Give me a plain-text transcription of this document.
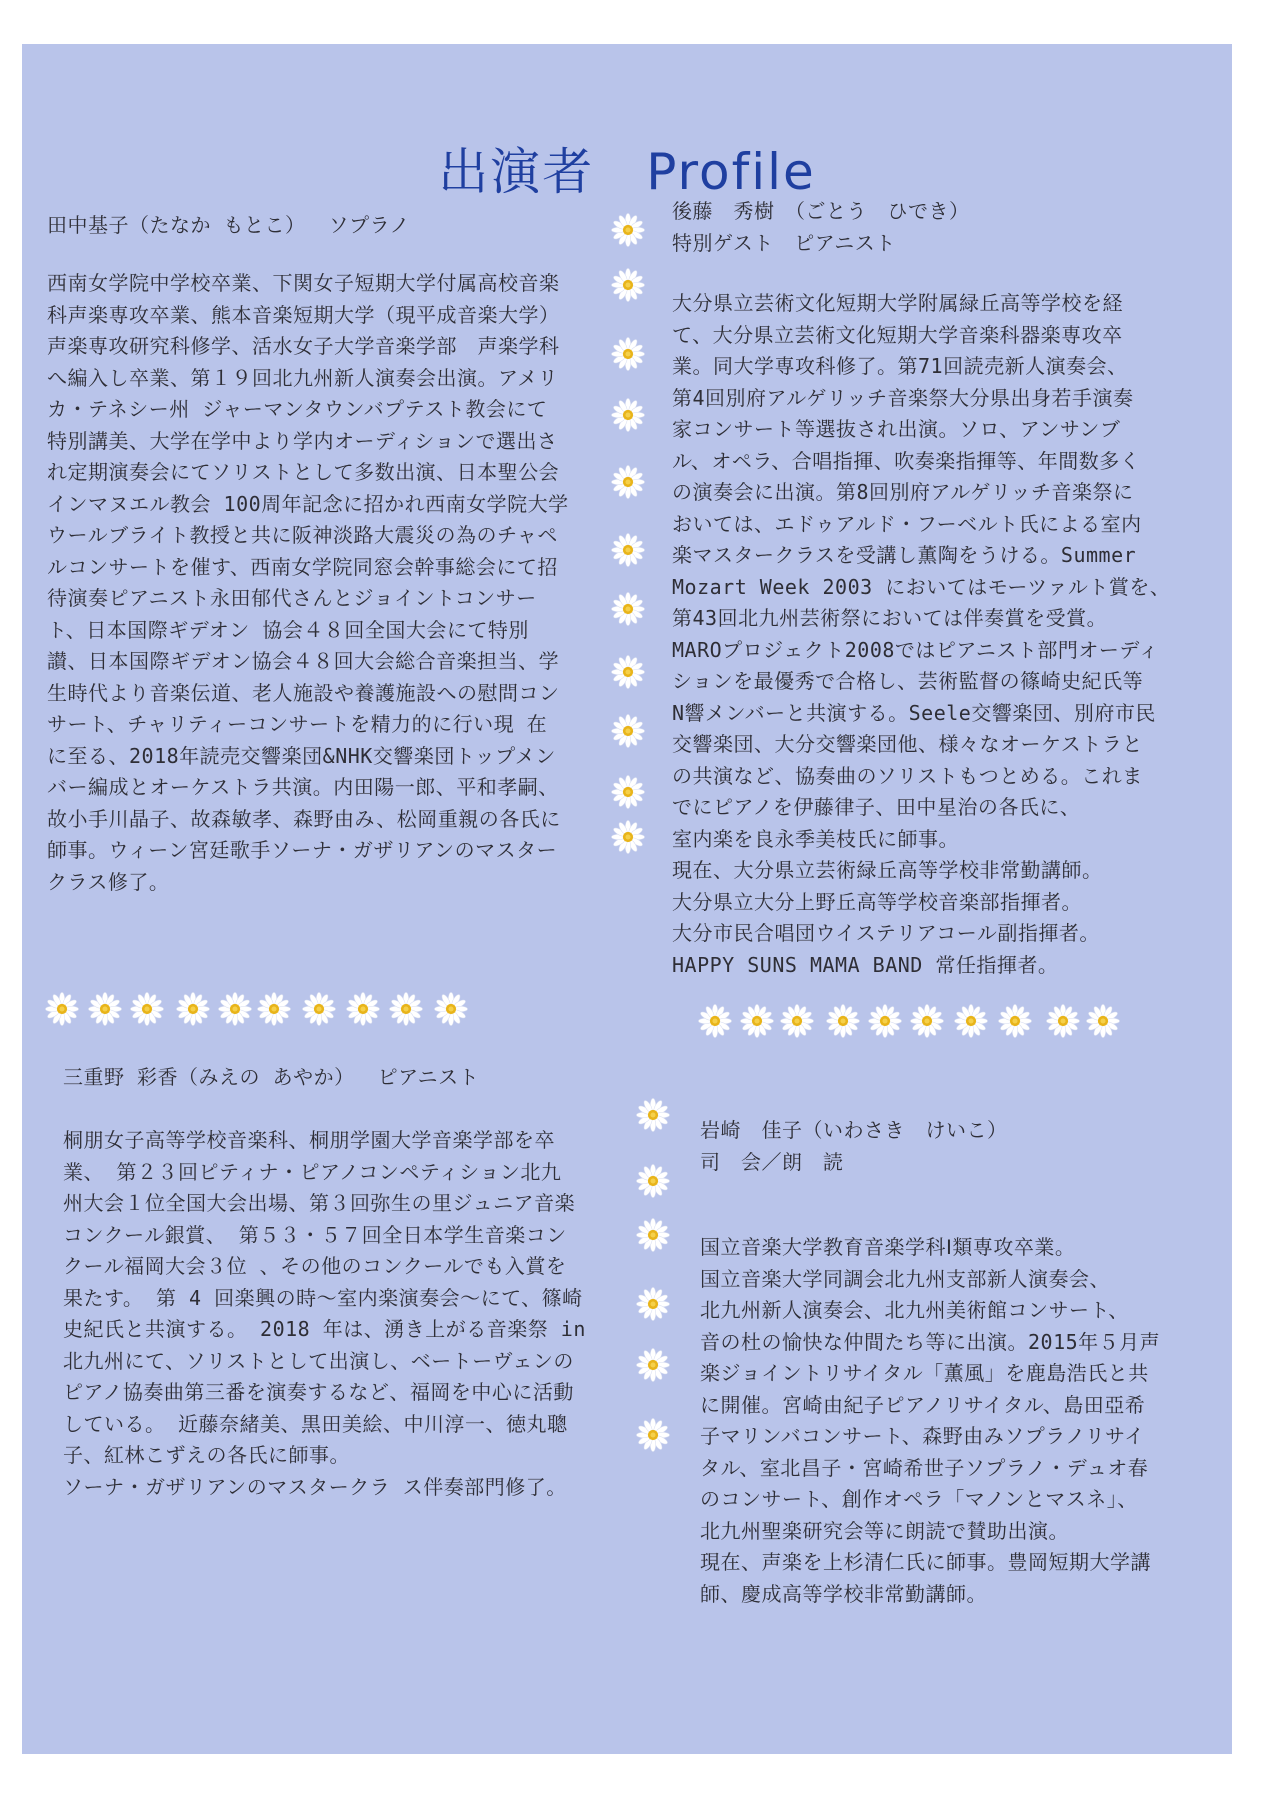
出演者　Profile
田中基子（たなか もとこ）　 ソプラノ
西南女学院中学校卒業、下関女子短期大学付属高校音楽
科声楽専攻卒業、熊本音楽短期大学（現平成音楽大学）
声楽専攻研究科修学、活水女子大学音楽学部　声楽学科
へ編入し卒業、第１９回北九州新人演奏会出演。アメリ
カ・テネシー州 ジャーマンタウンバプテスト教会にて
特別講美、大学在学中より学内オーディションで選出さ
れ定期演奏会にてソリストとして多数出演、日本聖公会
インマヌエル教会 100周年記念に招かれ西南女学院大学
ウールブライト教授と共に阪神淡路大震災の為のチャペ
ルコンサートを催す、西南女学院同窓会幹事総会にて招
待演奏ピアニスト永田郁代さんとジョイントコンサー
ト、日本国際ギデオン 協会４８回全国大会にて特別
讃、日本国際ギデオン協会４８回大会総合音楽担当、学
生時代より音楽伝道、老人施設や養護施設への慰問コン
サート、チャリティーコンサートを精力的に行い現 在
に至る、2018年読売交響楽団&NHK交響楽団トップメン
バー編成とオーケストラ共演。内田陽一郎、平和孝嗣、
故小手川晶子、故森敏孝、森野由み、松岡重親の各氏に
師事。ウィーン宮廷歌手ソーナ・ガザリアンのマスター
クラス修了。
後藤　秀樹　（ごとう　ひでき）
特別ゲスト　ピアニスト
大分県立芸術文化短期大学附属緑丘高等学校を経
て、大分県立芸術文化短期大学音楽科器楽専攻卒
業。同大学専攻科修了。第71回読売新人演奏会、
第4回別府アルゲリッチ音楽祭大分県出身若手演奏
家コンサート等選抜され出演。ソロ、アンサンブ
ル、オペラ、合唱指揮、吹奏楽指揮等、年間数多く
の演奏会に出演。第8回別府アルゲリッチ音楽祭に
おいては、エドゥアルド・フーベルト氏による室内
楽マスタークラスを受講し薫陶をうける。Summer
Mozart Week 2003 においてはモーツァルト賞を、
第43回北九州芸術祭においては伴奏賞を受賞。
MAROプロジェクト2008ではピアニスト部門オーディ
ションを最優秀で合格し、芸術監督の篠崎史紀氏等
N響メンバーと共演する。Seele交響楽団、別府市民
交響楽団、大分交響楽団他、様々なオーケストラと
の共演など、協奏曲のソリストもつとめる。これま
でにピアノを伊藤律子、田中星治の各氏に、
室内楽を良永季美枝氏に師事。
現在、大分県立芸術緑丘高等学校非常勤講師。
大分県立大分上野丘高等学校音楽部指揮者。
大分市民合唱団ウイステリアコール副指揮者。
HAPPY SUNS MAMA BAND 常任指揮者。
三重野 彩香（みえの あやか）　 ピアニスト
桐朋女子高等学校音楽科、桐朋学園大学音楽学部を卒
業、 第２３回ピティナ・ピアノコンペティション北九
州大会１位全国大会出場、第３回弥生の里ジュニア音楽
コンクール銀賞、 第５３・５７回全日本学生音楽コン
クール福岡大会３位 、その他のコンクールでも入賞を
果たす。 第 4 回楽興の時～室内楽演奏会～にて、篠崎
史紀氏と共演する。 2018 年は、湧き上がる音楽祭 in
北九州にて、ソリストとして出演し、ベートーヴェンの
ピアノ協奏曲第三番を演奏するなど、福岡を中心に活動
している。 近藤奈緒美、黒田美絵、中川淳一、徳丸聰
子、紅林こずえの各氏に師事。
ソーナ・ガザリアンのマスタークラ ス伴奏部門修了。
岩崎　佳子（いわさき　けいこ）
司　会／朗　読
国立音楽大学教育音楽学科Ⅰ類専攻卒業。
国立音楽大学同調会北九州支部新人演奏会、
北九州新人演奏会、北九州美術館コンサート、
音の杜の愉快な仲間たち等に出演。2015年５月声
楽ジョイントリサイタル「薫風」を鹿島浩氏と共
に開催。宮崎由紀子ピアノリサイタル、島田亞希
子マリンバコンサート、森野由みソプラノリサイ
タル、室北昌子・宮崎希世子ソプラノ・デュオ春
のコンサート、創作オペラ「マノンとマスネ」、
北九州聖楽研究会等に朗読で賛助出演。
現在、声楽を上杉清仁氏に師事。豊岡短期大学講
師、慶成高等学校非常勤講師。
